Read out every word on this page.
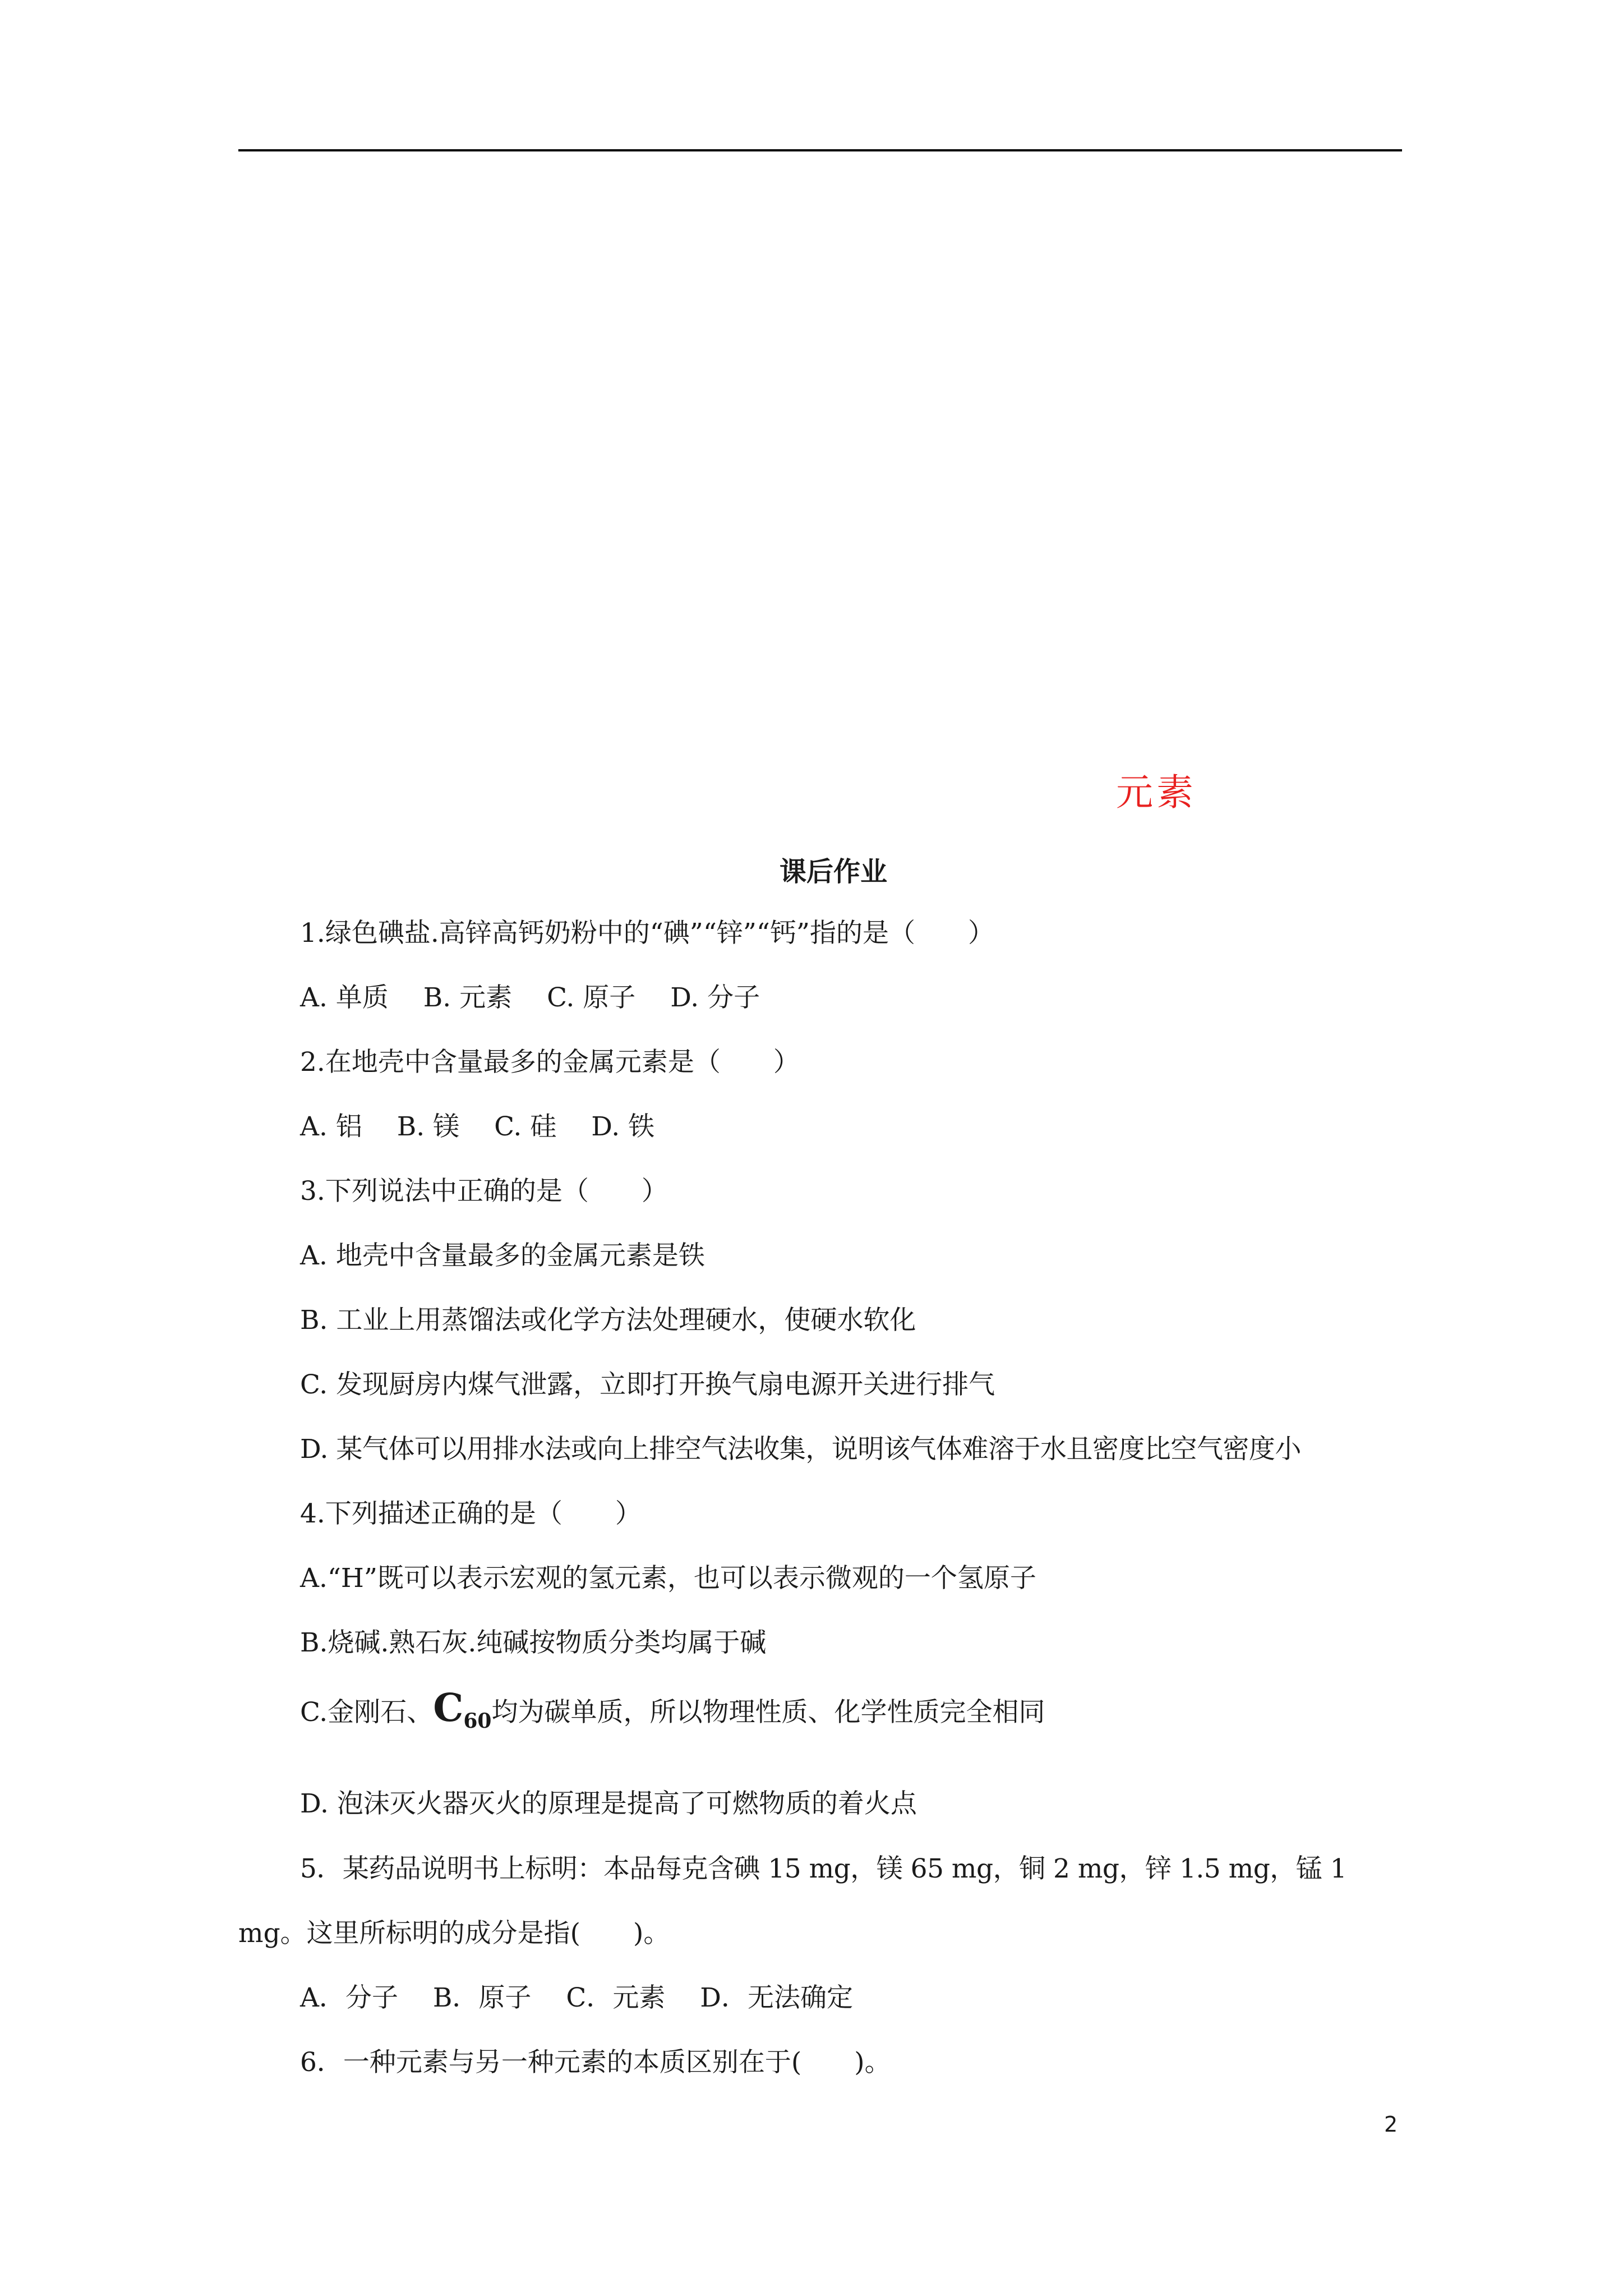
元素
课后作业
1.绿色碘盐.高锌高钙奶粉中的“碘”“锌”“钙”指的是（　　）
A. 单质　 B. 元素　 C. 原子　 D. 分子
2.在地壳中含量最多的金属元素是（　　）
A. 铝　 B. 镁　 C. 硅　 D. 铁
3.下列说法中正确的是（　　）
A. 地壳中含量最多的金属元素是铁
B. 工业上用蒸馏法或化学方法处理硬水，使硬水软化
C. 发现厨房内煤气泄露，立即打开换气扇电源开关进行排气
D. 某气体可以用排水法或向上排空气法收集，说明该气体难溶于水且密度比空气密度小
4.下列描述正确的是（　　）
A.“H”既可以表示宏观的氢元素，也可以表示微观的一个氢原子
B.烧碱.熟石灰.纯碱按物质分类均属于碱
C.金刚石、$C_{60}$均为碳单质，所以物理性质、化学性质完全相同
D. 泡沫灭火器灭火的原理是提高了可燃物质的着火点
5．某药品说明书上标明：本品每克含碘 15 mg，镁 65 mg，铜 2 mg，锌 1.5 mg，锰 1
mg。这里所标明的成分是指(　　)。
A．分子　 B．原子　 C．元素　 D．无法确定
6．一种元素与另一种元素的本质区别在于(　　)。
2
